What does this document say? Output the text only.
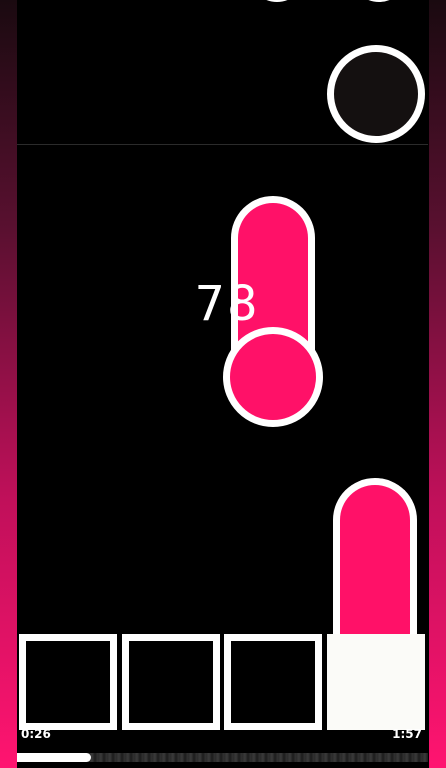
78
0:26	1:57
